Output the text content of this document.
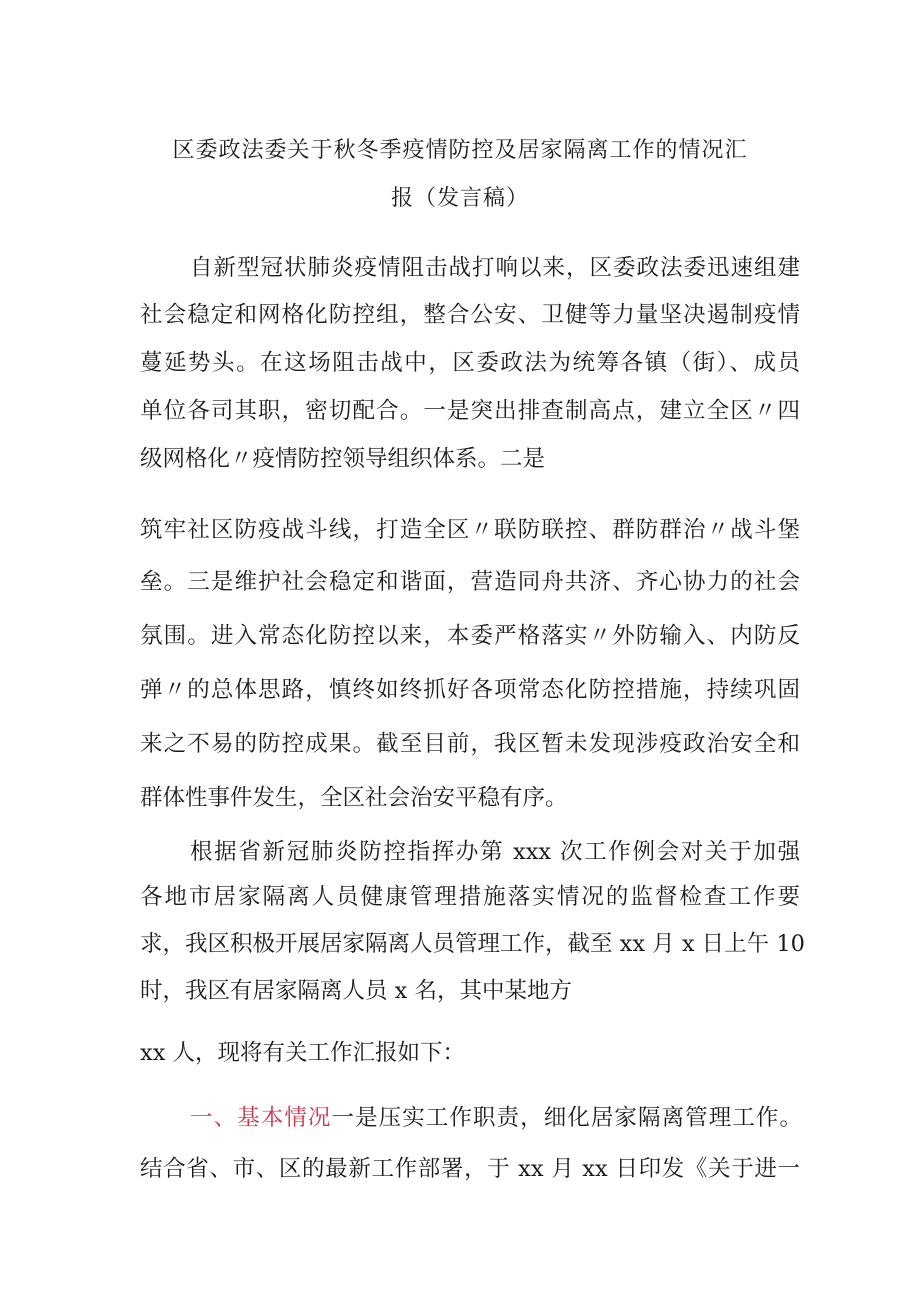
区委政法委关于秋冬季疫情防控及居家隔离工作的情况汇
报（发言稿）
自新型冠状肺炎疫情阻击战打响以来，区委政法委迅速组建
社会稳定和网格化防控组，整合公安、卫健等力量坚决遏制疫情
蔓延势头。在这场阻击战中，区委政法为统筹各镇（街）、成员
单位各司其职，密切配合。一是突出排查制高点，建立全区〃四
级网格化〃疫情防控领导组织体系。二是
筑牢社区防疫战斗线，打造全区〃联防联控、群防群治〃战斗堡
垒。三是维护社会稳定和谐面，营造同舟共济、齐心协力的社会
氛围。进入常态化防控以来，本委严格落实〃外防输入、内防反
弹〃的总体思路，慎终如终抓好各项常态化防控措施，持续巩固
来之不易的防控成果。截至目前，我区暂未发现涉疫政治安全和
群体性事件发生，全区社会治安平稳有序。
根据省新冠肺炎防控指挥办第 xxx 次工作例会对关于加强
各地市居家隔离人员健康管理措施落实情况的监督检查工作要
求，我区积极开展居家隔离人员管理工作，截至 xx 月 x 日上午 10
时，我区有居家隔离人员 x 名，其中某地方
xx 人，现将有关工作汇报如下：
一、基本情况一是压实工作职责，细化居家隔离管理工作。
结合省、市、区的最新工作部署，于 xx 月 xx 日印发《关于进一
